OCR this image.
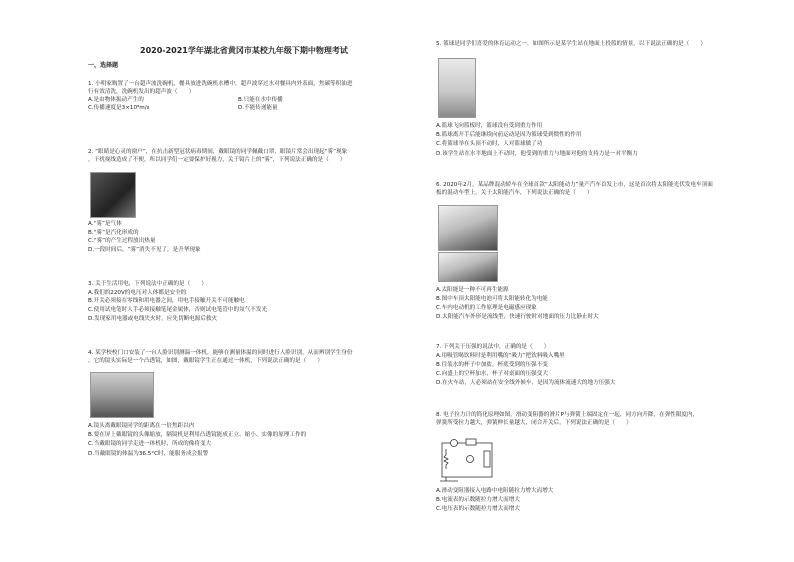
2020-2021学年湖北省黄冈市某校九年级下期中物理考试
一、选择题
1. 小明家购置了一台超声波洗碗机，餐具放进洗碗机水槽中，超声波穿过水对餐具内外表面，焦碳等积油进
行有效清洗，洗碗机发出的超声波（　　）
A.是由物体振动产生的	B.只能在水中传播
C.传播速度是3×10⁸m/s	D.不能传递能量
2. “眼睛是心灵的窗户”，在抗击新型冠状病毒期间，戴眼镜的同学佩戴口罩，眼镜片常会出现起“雾”现象
，干扰视线造成了不便，所以同学们一定要保护好视力，关于镜片上的“雾”，下列说法正确的是（　　）
A.“雾”是气体
B.“雾”是汽化形成的
C.“雾”的产生过程放出热量
D.一段时间后，“雾”消失不见了，是升华现象
3. 关于生活用电，下列说法中正确的是（　　）
A.我们的220V的电压对人体都是安全的
B.开关必须接在零线和用电器之间，用电手接触开关不可能触电
C.使用试电笔时人手必须接触笔尾金属体，否则试电笔管中的氖气不发光
D.发现家用电器或电线失火时，应先切断电源后救火
4. 某学校校门口安装了一台人脸识别测温一体机，能够在测量体温的同时进行人脸识别，从而辨别学生身份
，它的镜头实际是一个凸透镜，如图，戴眼镜学生正在通过一体机，下列说法正确的是（　　）
A.镜头离戴眼镜同学的距离在一倍焦距以内
B.要在屏上戴眼镜的头像缩放，隔镜机是利用凸透镜能成正立、缩小、实像的原理工作的
C.当戴眼镜的同学走进一体机时，所成的像将变大
D.当戴眼镜的体温为36.5°C时，能服务成会报警
5. 篮球是同学们喜爱的体育运动之一，如图所示是某学生站在地面上投篮的情景，以下说法正确的是（　　）
A.篮球飞向篮板时，篮球没有受到重力作用
B.篮球离开手后能继续向前运动是因为篮球受到惯性的作用
C.将篮球举在头顶不动时，人对篮球做了功
D.该学生站在水平地面上不动时，他受到的重力与地面对他的支持力是一对平衡力
6. 2020年2月，某品牌混动轿车在全球首款“太阳能动力”量产汽车首发上市，这是首次将太阳能光伏发电车顶面
板的混动车型上，关于太阳能汽车，下列说法正确的是（　　）
A.太阳能是一种不可再生能源
B.图中车顶太阳能电池可将太阳能转化为电能
C.车内电动机的工作原理是电磁感应现象
D.太阳能汽车外形是流线型，快速行驶时对地面的压力比静止时大
7. 下列关于压强的说法中，正确的是（　　）
A.用吸管喝饮料时是利用嘴的“吸力”把饮料吸入嘴里
B.往装水的杯子中加盐，杯底受到的压强不变
C.向盛上的空杯加水，杯子对桌面的压强变大
D.在火车站，人必须站在安全线外候车，是因为流体流速大的地方压强大
8. 电子拉力计的简化原理如图，滑动变阻器的滑片P与弹簧上端固定在一起，同方向升降，在弹性限度内，
弹簧所受拉力越大，弹簧伸长量越大，闭合开关后，下列说法正确的是（　　）
A.滑动变阻器接入电路中电阻随拉力增大而增大
B.电流表的示数随拉力增大而增大
C.电压表的示数随拉力增大而增大
